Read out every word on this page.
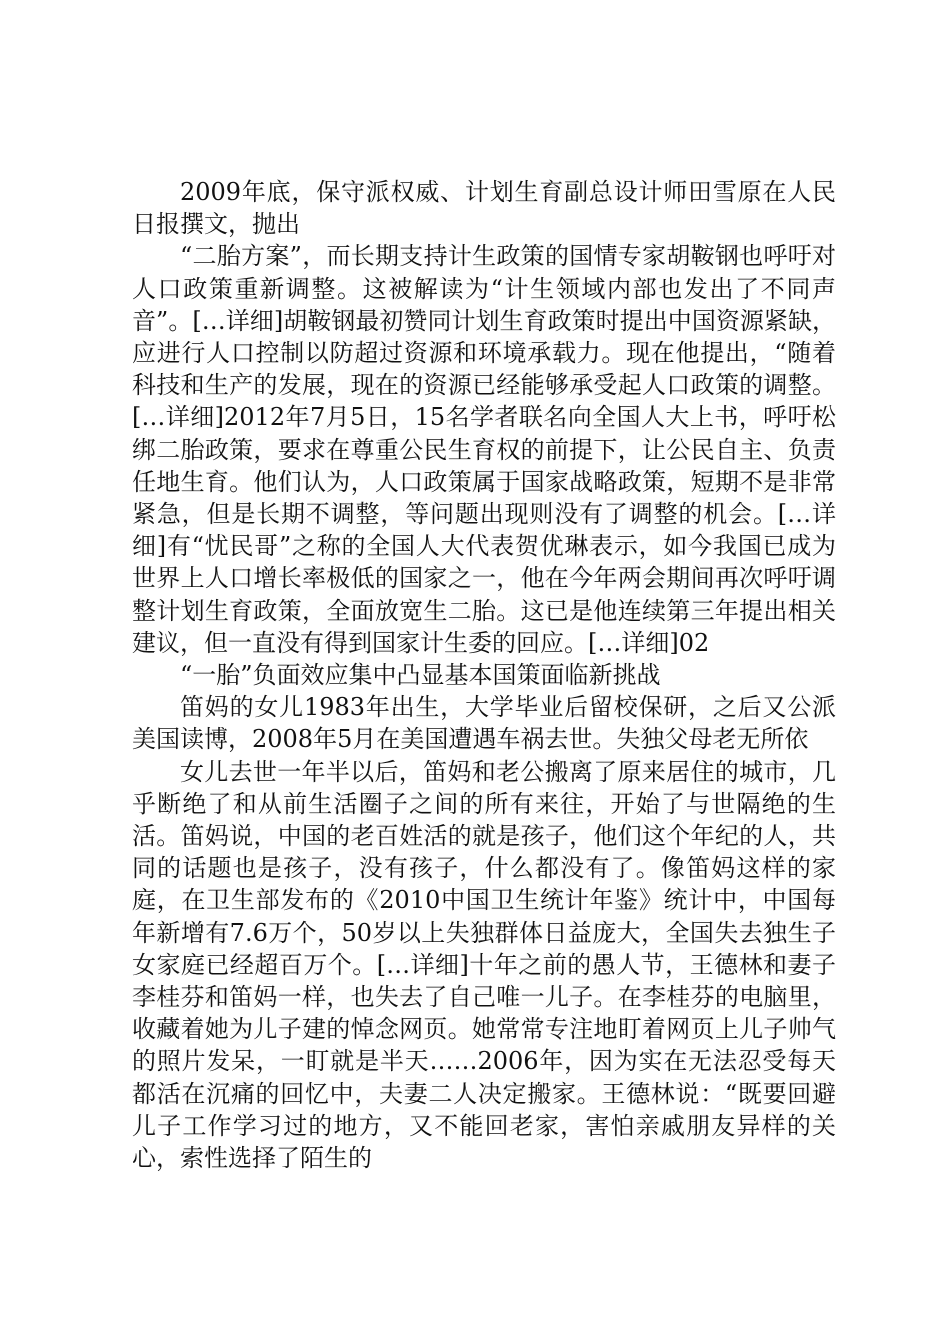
2009年底，保守派权威、计划生育副总设计师田雪原在人民日报撰文，抛出

“二胎方案”，而长期支持计生政策的国情专家胡鞍钢也呼吁对人口政策重新调整。这被解读为“计生领域内部也发出了不同声音”。[…详细]胡鞍钢最初赞同计划生育政策时提出中国资源紧缺，应进行人口控制以防超过资源和环境承载力。现在他提出，“随着科技和生产的发展，现在的资源已经能够承受起人口政策的调整。[…详细]2012年7月5日，15名学者联名向全国人大上书，呼吁松绑二胎政策，要求在尊重公民生育权的前提下，让公民自主、负责任地生育。他们认为，人口政策属于国家战略政策，短期不是非常紧急，但是长期不调整，等问题出现则没有了调整的机会。[…详细]有“忧民哥”之称的全国人大代表贺优琳表示，如今我国已成为世界上人口增长率极低的国家之一，他在今年两会期间再次呼吁调整计划生育政策，全面放宽生二胎。这已是他连续第三年提出相关建议，但一直没有得到国家计生委的回应。[…详细]02

“一胎”负面效应集中凸显基本国策面临新挑战

笛妈的女儿1983年出生，大学毕业后留校保研，之后又公派美国读博，2008年5月在美国遭遇车祸去世。失独父母老无所依

女儿去世一年半以后，笛妈和老公搬离了原来居住的城市，几乎断绝了和从前生活圈子之间的所有来往，开始了与世隔绝的生活。笛妈说，中国的老百姓活的就是孩子，他们这个年纪的人，共同的话题也是孩子，没有孩子，什么都没有了。像笛妈这样的家庭，在卫生部发布的《2010中国卫生统计年鉴》统计中，中国每年新增有7.6万个，50岁以上失独群体日益庞大，全国失去独生子女家庭已经超百万个。[…详细]十年之前的愚人节，王德林和妻子李桂芬和笛妈一样，也失去了自己唯一儿子。在李桂芬的电脑里，收藏着她为儿子建的悼念网页。她常常专注地盯着网页上儿子帅气的照片发呆，一盯就是半天……2006年，因为实在无法忍受每天都活在沉痛的回忆中，夫妻二人决定搬家。王德林说：“既要回避儿子工作学习过的地方，又不能回老家，害怕亲戚朋友异样的关心，索性选择了陌生的
